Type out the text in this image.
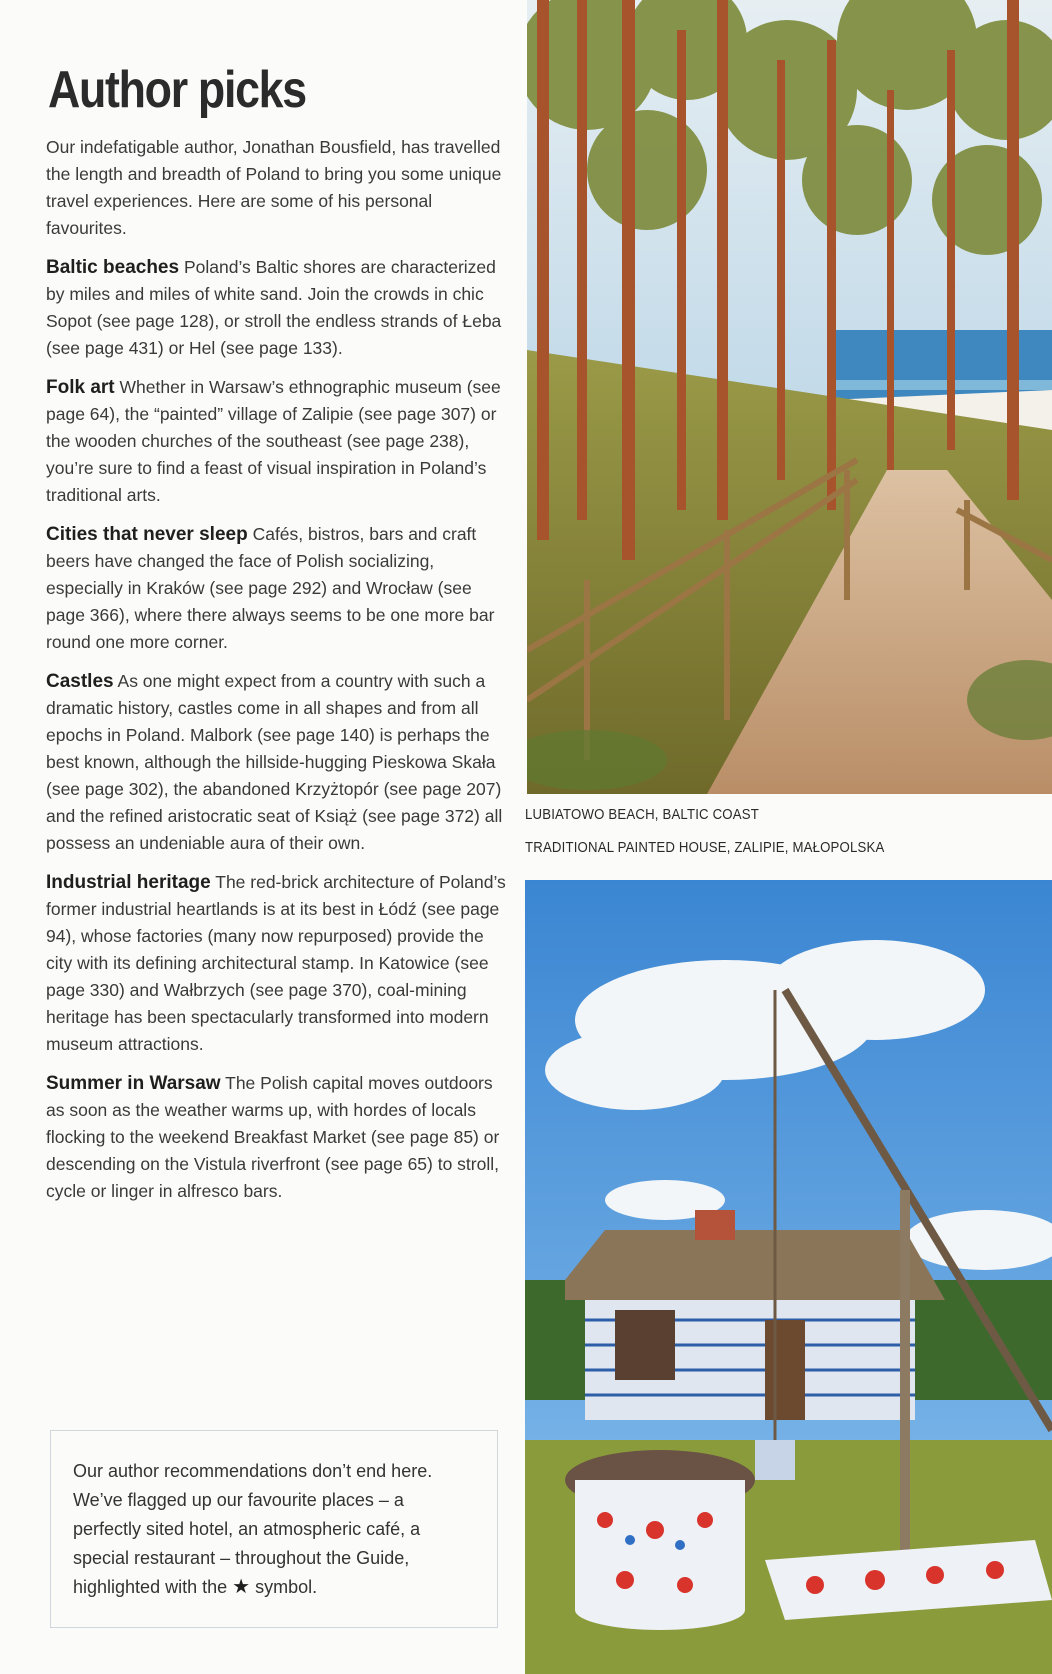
Author picks

Our indefatigable author, Jonathan Bousfield, has travelled the length and breadth of Poland to bring you some unique travel experiences. Here are some of his personal favourites.

Baltic beaches Poland’s Baltic shores are characterized by miles and miles of white sand. Join the crowds in chic Sopot (see page 128), or stroll the endless strands of Łeba (see page 431) or Hel (see page 133).

Folk art Whether in Warsaw’s ethnographic museum (see page 64), the “painted” village of Zalipie (see page 307) or the wooden churches of the southeast (see page 238), you’re sure to find a feast of visual inspiration in Poland’s traditional arts.

Cities that never sleep Cafés, bistros, bars and craft beers have changed the face of Polish socializing, especially in Kraków (see page 292) and Wrocław (see page 366), where there always seems to be one more bar round one more corner.

Castles As one might expect from a country with such a dramatic history, castles come in all shapes and from all epochs in Poland. Malbork (see page 140) is perhaps the best known, although the hillside-hugging Pieskowa Skała (see page 302), the abandoned Krzyżtopór (see page 207) and the refined aristocratic seat of Książ (see page 372) all possess an undeniable aura of their own.

Industrial heritage The red-brick architecture of Poland’s former industrial heartlands is at its best in Łódź (see page 94), whose factories (many now repurposed) provide the city with its defining architectural stamp. In Katowice (see page 330) and Wałbrzych (see page 370), coal-mining heritage has been spectacularly transformed into modern museum attractions.

Summer in Warsaw The Polish capital moves outdoors as soon as the weather warms up, with hordes of locals flocking to the weekend Breakfast Market (see page 85) or descending on the Vistula riverfront (see page 65) to stroll, cycle or linger in alfresco bars.

Our author recommendations don’t end here. We’ve flagged up our favourite places – a perfectly sited hotel, an atmospheric café, a special restaurant – throughout the Guide, highlighted with the ★ symbol.

LUBIATOWO BEACH, BALTIC COAST
TRADITIONAL PAINTED HOUSE, ZALIPIE, MAŁOPOLSKA
